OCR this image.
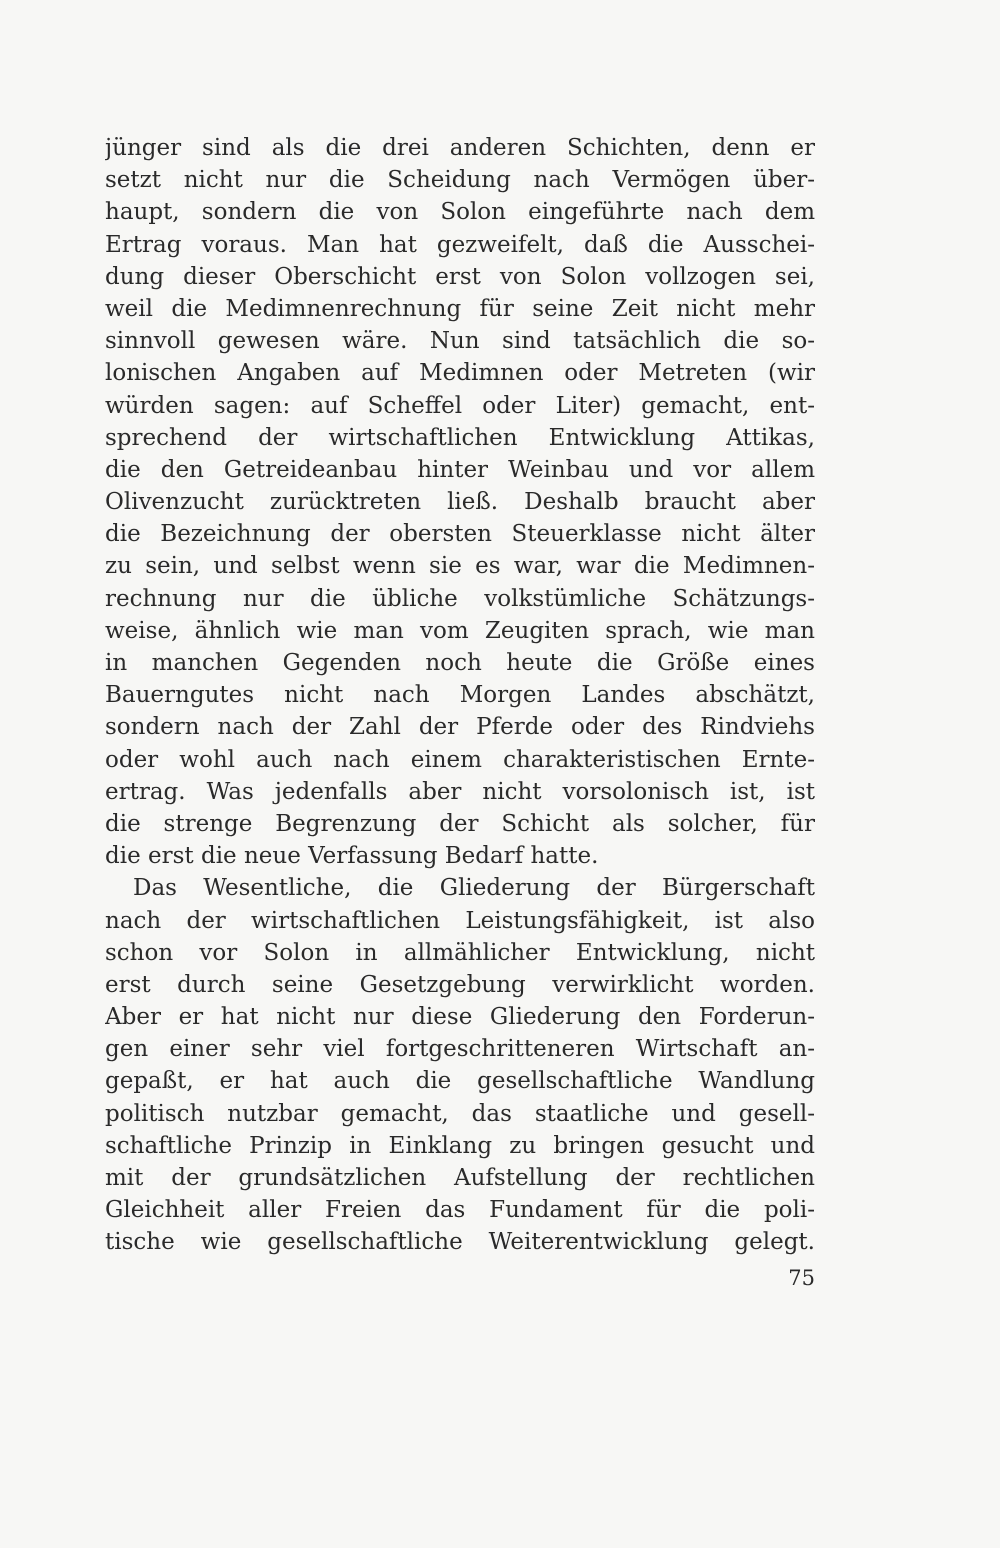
jünger sind als die drei anderen Schichten, denn er
setzt nicht nur die Scheidung nach Vermögen über-
haupt, sondern die von Solon eingeführte nach dem
Ertrag voraus. Man hat gezweifelt, daß die Ausschei-
dung dieser Oberschicht erst von Solon vollzogen sei,
weil die Medimnenrechnung für seine Zeit nicht mehr
sinnvoll gewesen wäre. Nun sind tatsächlich die so-
lonischen Angaben auf Medimnen oder Metreten (wir
würden sagen: auf Scheffel oder Liter) gemacht, ent-
sprechend der wirtschaftlichen Entwicklung Attikas,
die den Getreideanbau hinter Weinbau und vor allem
Olivenzucht zurücktreten ließ. Deshalb braucht aber
die Bezeichnung der obersten Steuerklasse nicht älter
zu sein, und selbst wenn sie es war, war die Medimnen-
rechnung nur die übliche volkstümliche Schätzungs-
weise, ähnlich wie man vom Zeugiten sprach, wie man
in manchen Gegenden noch heute die Größe eines
Bauerngutes nicht nach Morgen Landes abschätzt,
sondern nach der Zahl der Pferde oder des Rindviehs
oder wohl auch nach einem charakteristischen Ernte-
ertrag. Was jedenfalls aber nicht vorsolonisch ist, ist
die strenge Begrenzung der Schicht als solcher, für
die erst die neue Verfassung Bedarf hatte.
Das Wesentliche, die Gliederung der Bürgerschaft
nach der wirtschaftlichen Leistungsfähigkeit, ist also
schon vor Solon in allmählicher Entwicklung, nicht
erst durch seine Gesetzgebung verwirklicht worden.
Aber er hat nicht nur diese Gliederung den Forderun-
gen einer sehr viel fortgeschritteneren Wirtschaft an-
gepaßt, er hat auch die gesellschaftliche Wandlung
politisch nutzbar gemacht, das staatliche und gesell-
schaftliche Prinzip in Einklang zu bringen gesucht und
mit der grundsätzlichen Aufstellung der rechtlichen
Gleichheit aller Freien das Fundament für die poli-
tische wie gesellschaftliche Weiterentwicklung gelegt.
75
